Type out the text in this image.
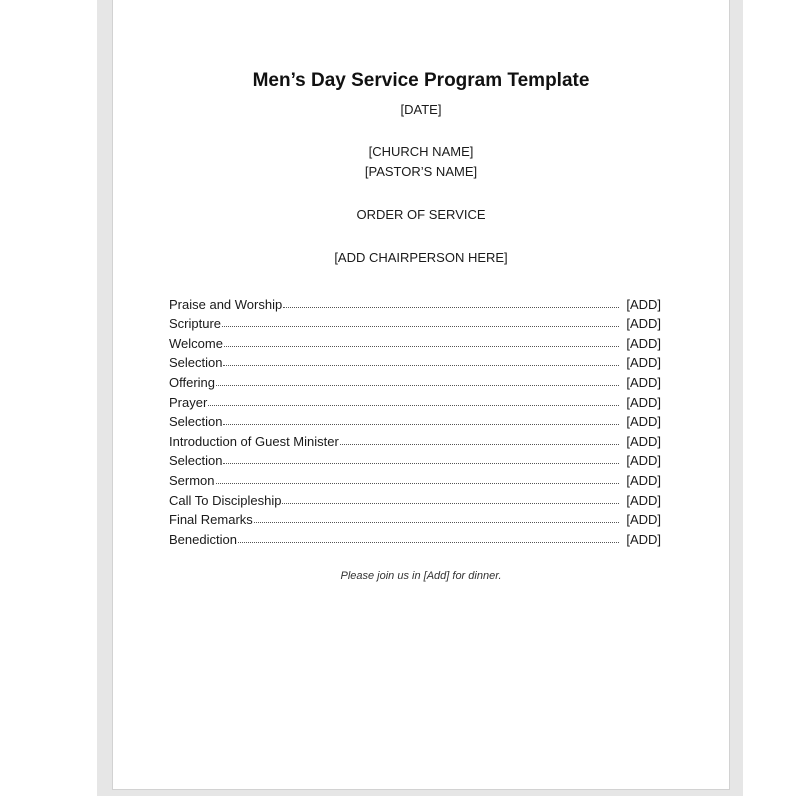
Men’s Day Service Program Template
[DATE]
[CHURCH NAME]
[PASTOR’S NAME]
ORDER OF SERVICE
[ADD CHAIRPERSON HERE]
Praise and Worship	[ADD]
Scripture	[ADD]
Welcome	[ADD]
Selection	[ADD]
Offering	[ADD]
Prayer	[ADD]
Selection	[ADD]
Introduction of Guest Minister	[ADD]
Selection	[ADD]
Sermon	[ADD]
Call To Discipleship	[ADD]
Final Remarks	[ADD]
Benediction	[ADD]
Please join us in [Add] for dinner.
